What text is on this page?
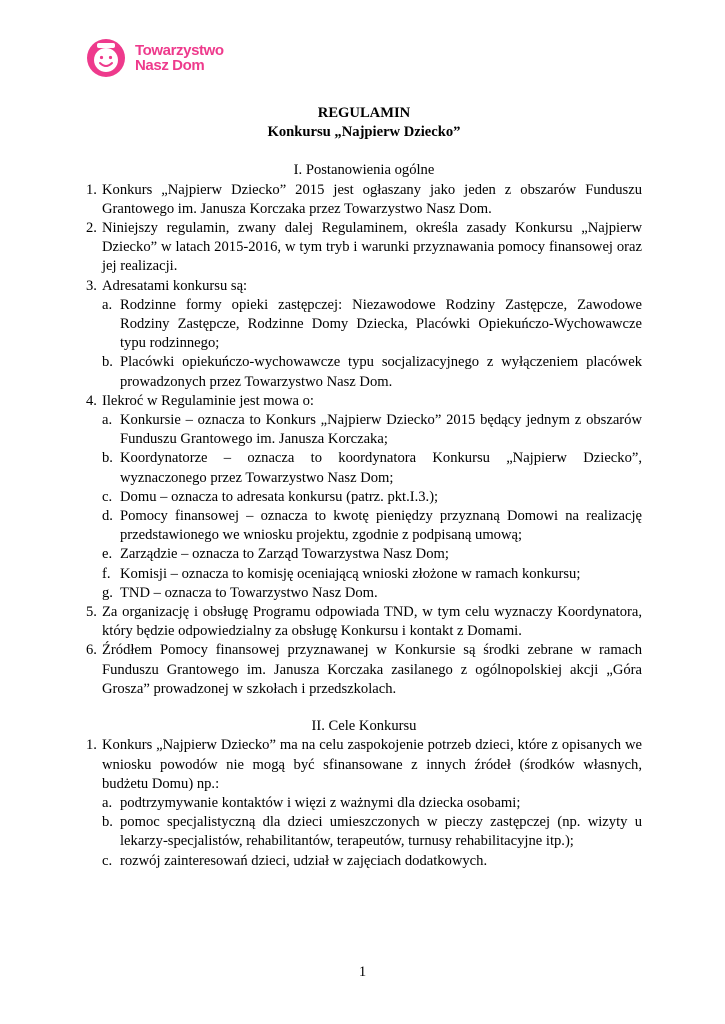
Towarzystwo
Nasz Dom
REGULAMIN
Konkursu „Najpierw Dziecko”
I. Postanowienia ogólne
1. Konkurs „Najpierw Dziecko” 2015 jest ogłaszany jako jeden z obszarów Funduszu Grantowego im. Janusza Korczaka przez Towarzystwo Nasz Dom.
2. Niniejszy regulamin, zwany dalej Regulaminem, określa zasady Konkursu „Najpierw Dziecko” w latach 2015-2016, w tym tryb i warunki przyznawania pomocy finansowej oraz jej realizacji.
3. Adresatami konkursu są:
a. Rodzinne formy opieki zastępczej: Niezawodowe Rodziny Zastępcze, Zawodowe Rodziny Zastępcze, Rodzinne Domy Dziecka, Placówki Opiekuńczo-Wychowawcze typu rodzinnego;
b. Placówki opiekuńczo-wychowawcze typu socjalizacyjnego z wyłączeniem placówek prowadzonych przez Towarzystwo Nasz Dom.
4. Ilekroć w Regulaminie jest mowa o:
a. Konkursie – oznacza to Konkurs „Najpierw Dziecko” 2015 będący jednym z obszarów Funduszu Grantowego im. Janusza Korczaka;
b. Koordynatorze – oznacza to koordynatora Konkursu „Najpierw Dziecko”, wyznaczonego przez Towarzystwo Nasz Dom;
c. Domu – oznacza to adresata konkursu (patrz. pkt.I.3.);
d. Pomocy finansowej – oznacza to kwotę pieniędzy przyznaną Domowi na realizację przedstawionego we wniosku projektu, zgodnie z podpisaną umową;
e. Zarządzie – oznacza to Zarząd Towarzystwa Nasz Dom;
f. Komisji – oznacza to komisję oceniającą wnioski złożone w ramach konkursu;
g. TND – oznacza to Towarzystwo Nasz Dom.
5. Za organizację i obsługę Programu odpowiada TND, w tym celu wyznaczy Koordynatora, który będzie odpowiedzialny za obsługę Konkursu i kontakt z Domami.
6. Źródłem Pomocy finansowej przyznawanej w Konkursie są środki zebrane w ramach Funduszu Grantowego im. Janusza Korczaka zasilanego z ogólnopolskiej akcji „Góra Grosza” prowadzonej w szkołach i przedszkolach.
II. Cele Konkursu
1. Konkurs „Najpierw Dziecko” ma na celu zaspokojenie potrzeb dzieci, które z opisanych we wniosku powodów nie mogą być sfinansowane z innych źródeł (środków własnych, budżetu Domu) np.:
a. podtrzymywanie kontaktów i więzi z ważnymi dla dziecka osobami;
b. pomoc specjalistyczną dla dzieci umieszczonych w pieczy zastępczej (np. wizyty u lekarzy-specjalistów, rehabilitantów, terapeutów, turnusy rehabilitacyjne itp.);
c. rozwój zainteresowań dzieci, udział w zajęciach dodatkowych.
1
